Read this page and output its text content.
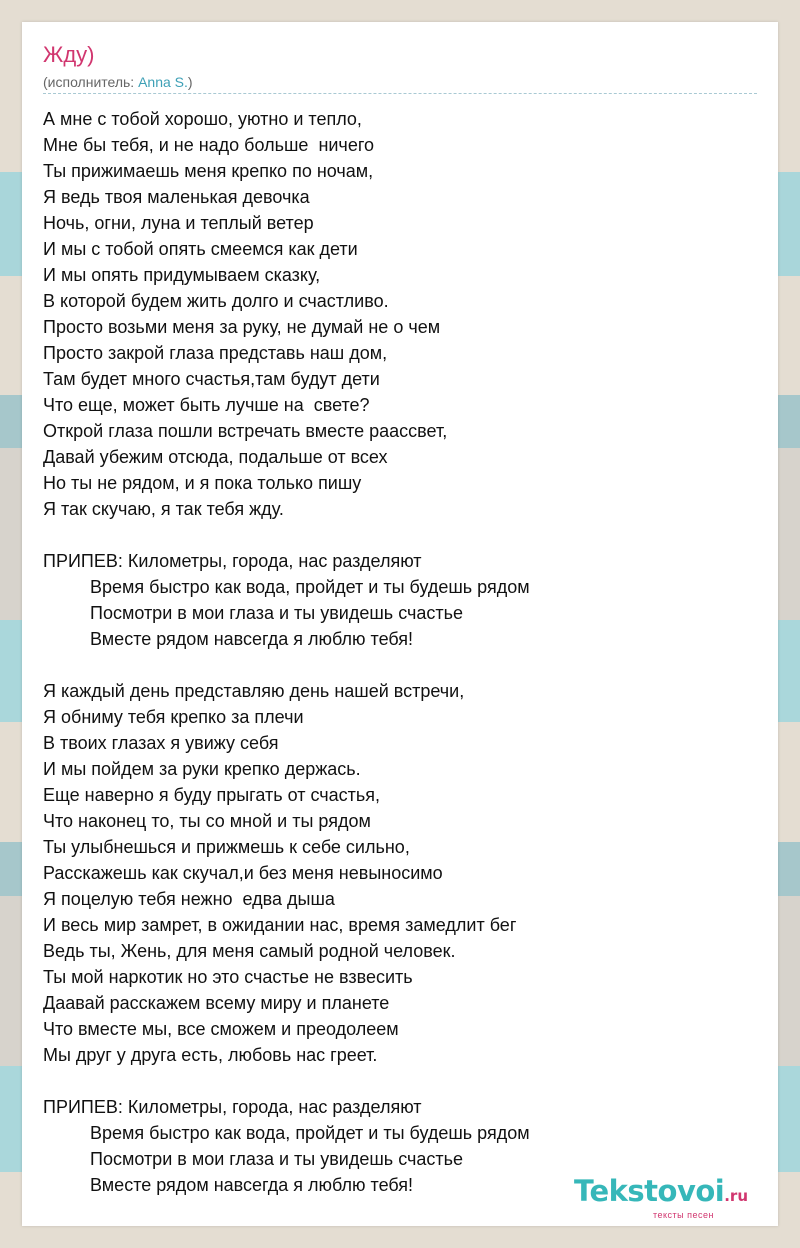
Жду)
(исполнитель: Anna S.)
А мне с тобой хорошо, уютно и тепло,
Мне бы тебя, и не надо больше  ничего
Ты прижимаешь меня крепко по ночам,
Я ведь твоя маленькая девочка
Ночь, огни, луна и теплый ветер
И мы с тобой опять смеемся как дети
И мы опять придумываем сказку,
В которой будем жить долго и счастливо.
Просто возьми меня за руку, не думай не о чем
Просто закрой глаза представь наш дом,
Там будет много счастья,там будут дети
Что еще, может быть лучше на  свете?
Открой глаза пошли встречать вместе раассвет,
Давай убежим отсюда, подальше от всех
Но ты не рядом, и я пока только пишу
Я так скучаю, я так тебя жду.
ПРИПЕВ: Километры, города, нас разделяют
Время быстро как вода, пройдет и ты будешь рядом
Посмотри в мои глаза и ты увидешь счастье
Вместе рядом навсегда я люблю тебя!
Я каждый день представляю день нашей встречи,
Я обниму тебя крепко за плечи
В твоих глазах я увижу себя
И мы пойдем за руки крепко держась.
Еще наверно я буду прыгать от счастья,
Что наконец то, ты со мной и ты рядом
Ты улыбнешься и прижмешь к себе сильно,
Расскажешь как скучал,и без меня невыносимо
Я поцелую тебя нежно  едва дыша
И весь мир замрет, в ожидании нас, время замедлит бег
Ведь ты, Жень, для меня самый родной человек.
Ты мой наркотик но это счастье не взвесить
Даавай расскажем всему миру и планете
Что вместе мы, все сможем и преодолеем
Мы друг у друга есть, любовь нас греет.
ПРИПЕВ: Километры, города, нас разделяют
Время быстро как вода, пройдет и ты будешь рядом
Посмотри в мои глаза и ты увидешь счастье
Вместе рядом навсегда я люблю тебя!	Tekstovoi.ru
тексты песен
